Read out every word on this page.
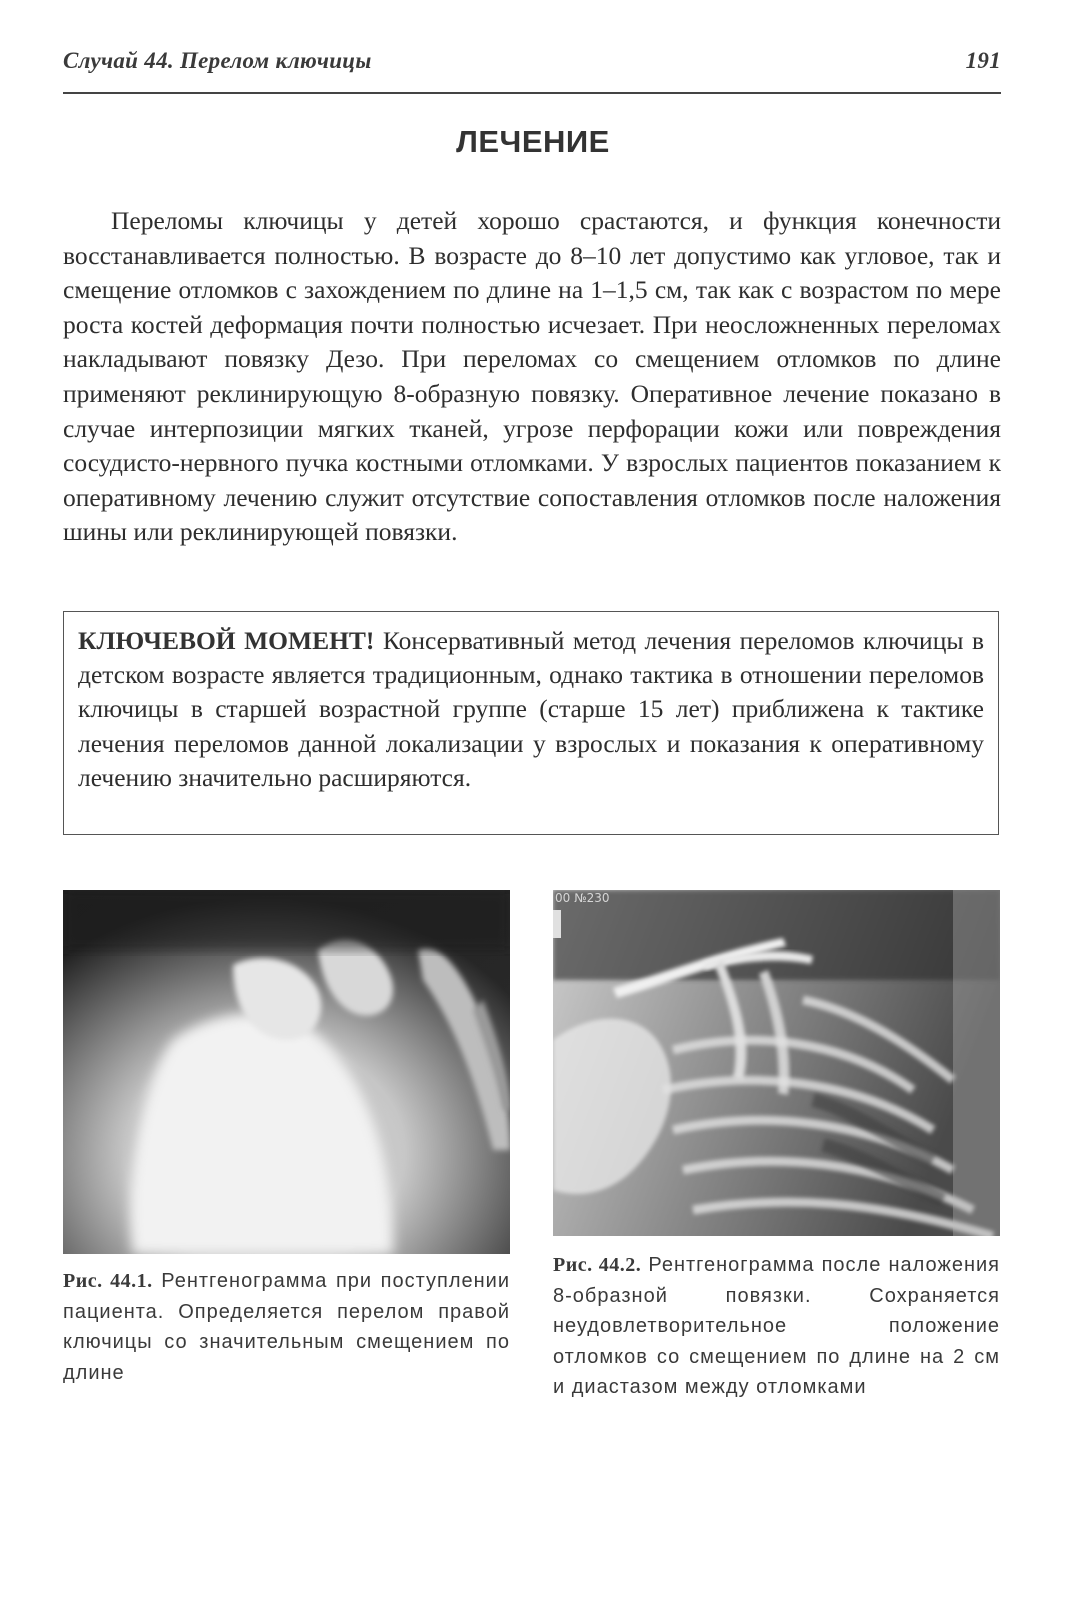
Случай 44. Перелом ключицы	191
ЛЕЧЕНИЕ

Переломы ключицы у детей хорошо срастаются, и функция конечности восстанавливается полностью. В возрасте до 8–10 лет допустимо как угловое, так и смещение отломков с захождением по длине на 1–1,5 см, так как с возрастом по мере роста костей деформация почти полностью исчезает. При неосложненных переломах накладывают повязку Дезо. При переломах со смещением отломков по длине применяют реклинирующую 8-образную повязку. Оперативное лечение показано в случае интерпозиции мягких тканей, угрозе перфорации кожи или повреждения сосудисто-нервного пучка костными отломками. У взрослых пациентов показанием к оперативному лечению служит отсутствие сопоставления отломков после наложения шины или реклинирующей повязки.

КЛЮЧЕВОЙ МОМЕНТ! Консервативный метод лечения переломов ключицы в детском возрасте является традиционным, однако тактика в отношении переломов ключицы в старшей возрастной группе (старше 15 лет) приближена к тактике лечения переломов данной локализации у взрослых и показания к оперативному лечению значительно расширяются.

00 №230

Рис. 44.1. Рентгенограмма при поступлении пациента. Определяется перелом правой ключицы со значительным смещением по длине

Рис. 44.2. Рентгенограмма после наложения 8-образной повязки. Сохраняется неудовлетворительное положение отломков со смещением по длине на 2 см и диастазом между отломками
